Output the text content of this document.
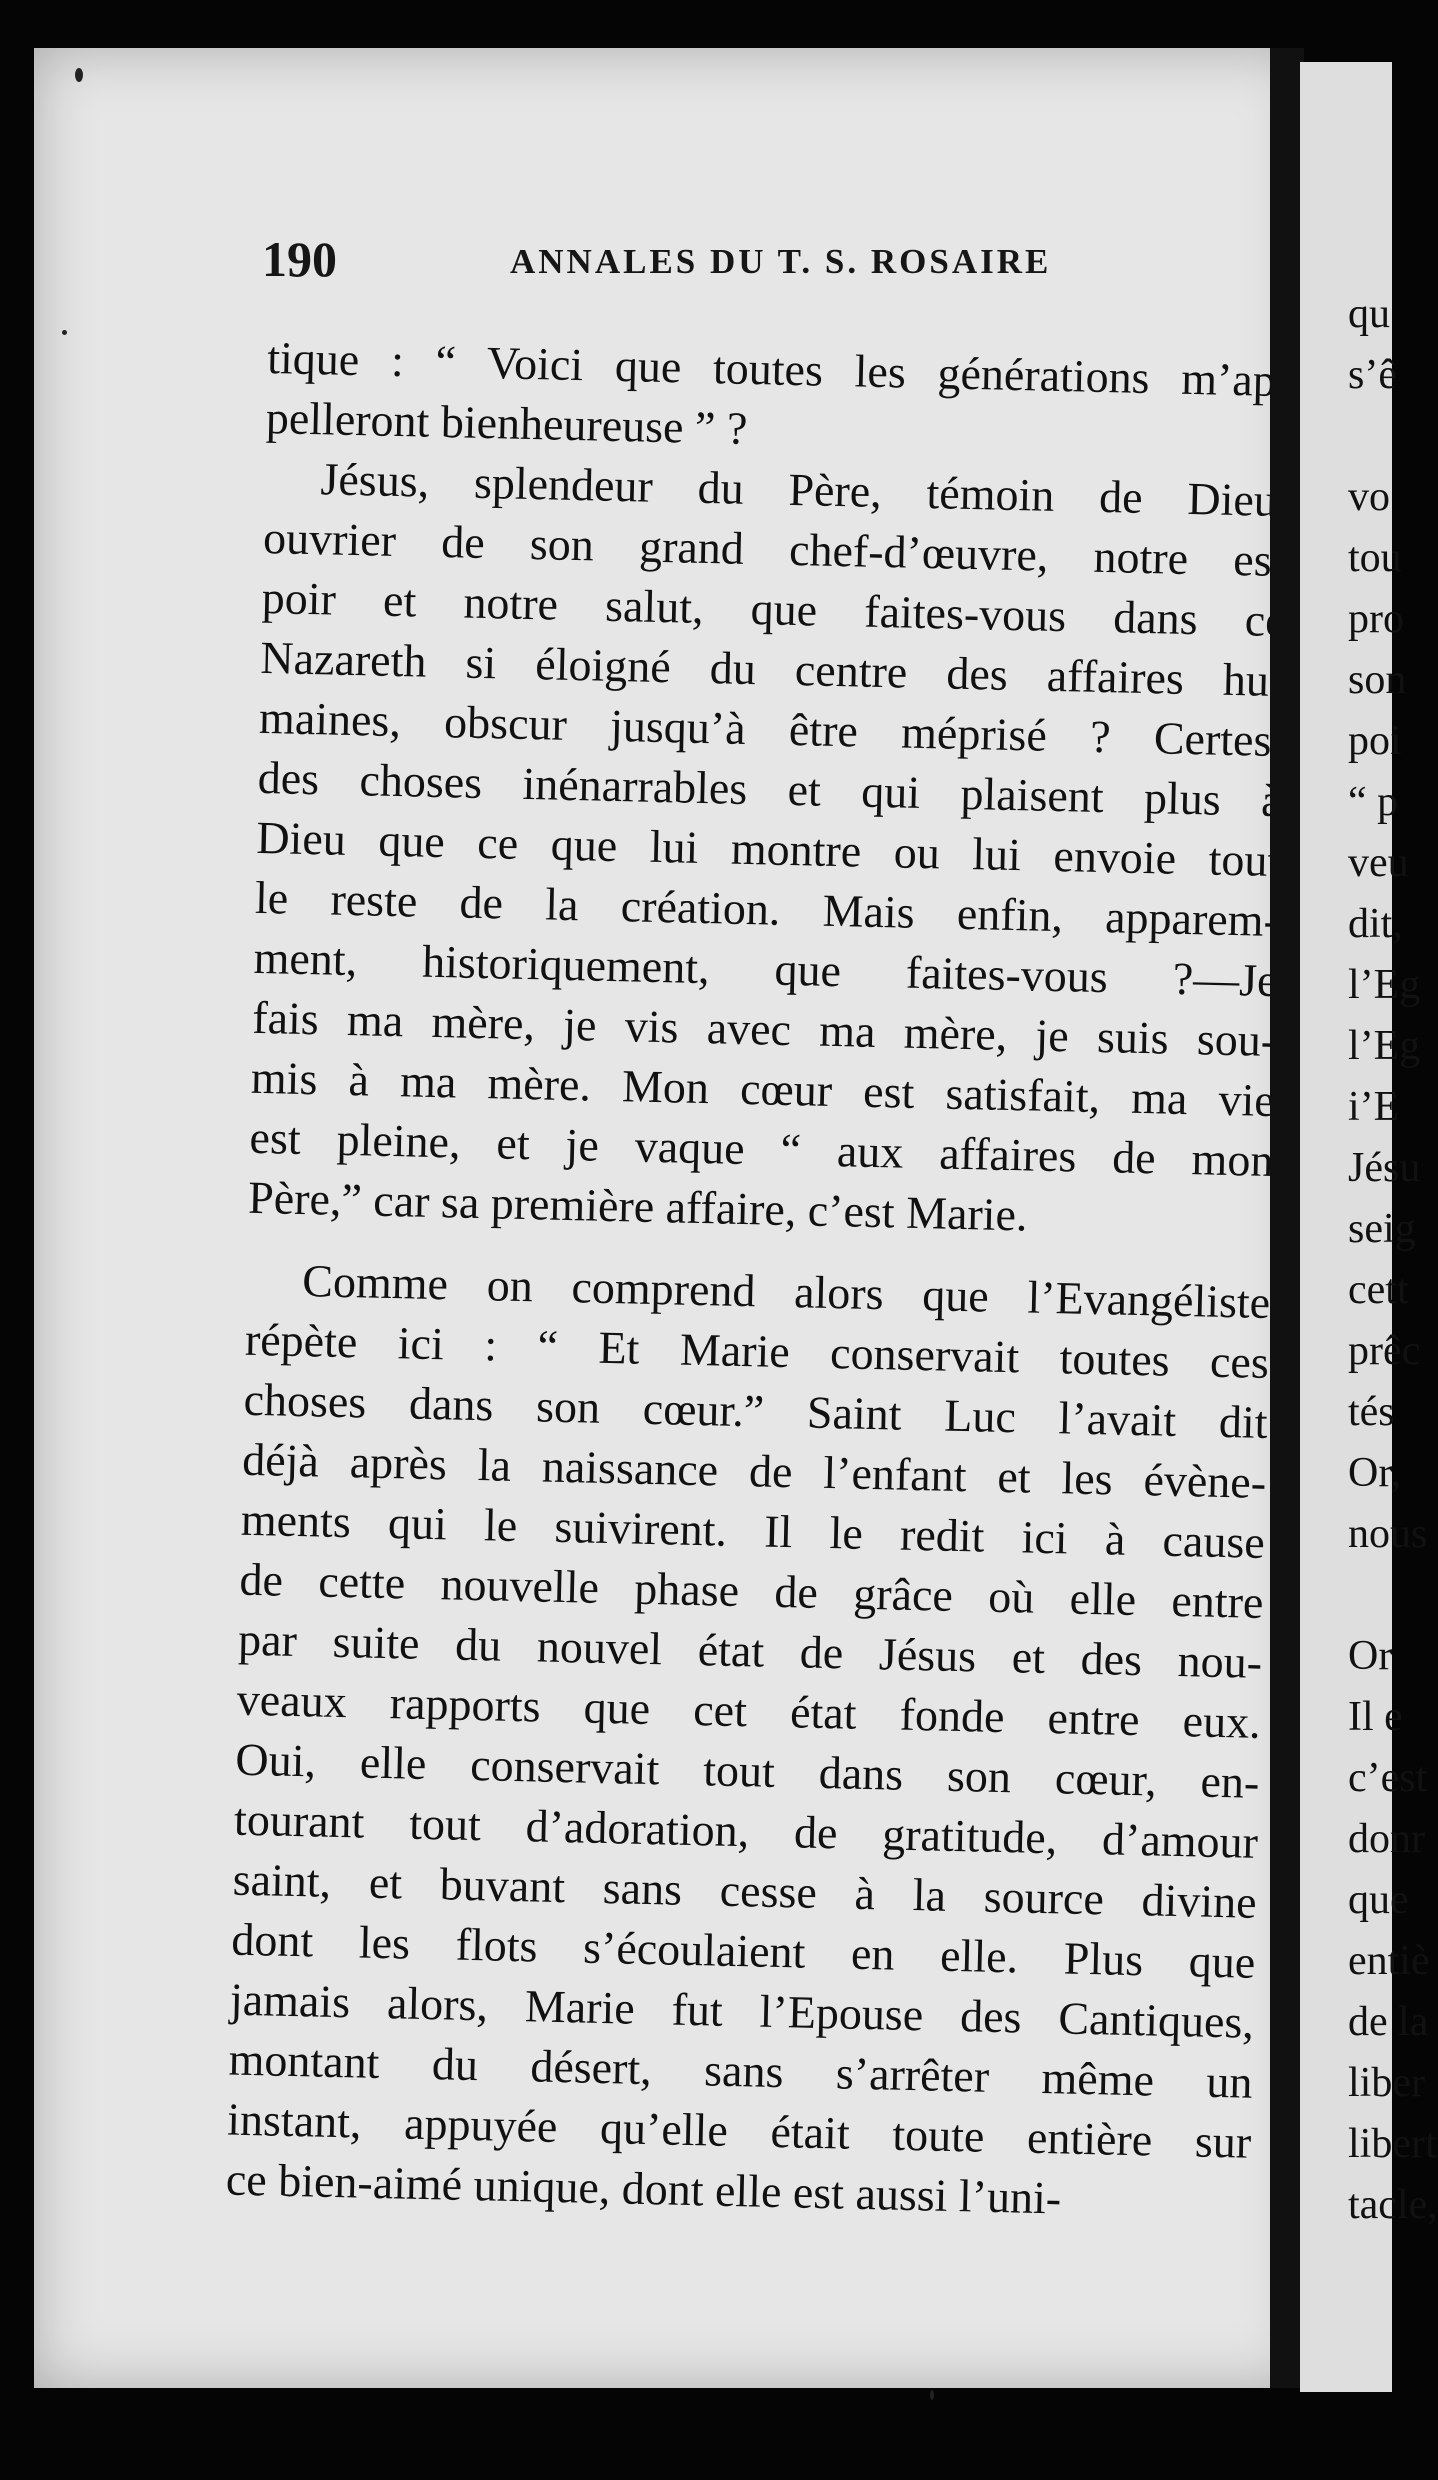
qu
s’ê
vo
tou
pro
son
poi
“ p
veu
dit,
l’Eg
l’Eg
i’E
Jésu
seig
cett
prêc
tés
Or,
nous
Or
Il e
c’est
donr
que
entiè
de la
liber
libert
tacle,
190	ANNALES DU T. S. ROSAIRE
tique : “ Voici que toutes les générations m’ap-
pelleront bienheureuse ” ?
Jésus, splendeur du Père, témoin de Dieu,
ouvrier de son grand chef-d’œuvre, notre es-
poir et notre salut, que faites-vous dans ce
Nazareth si éloigné du centre des affaires hu-
maines, obscur jusqu’à être méprisé ? Certes,
des choses inénarrables et qui plaisent plus à
Dieu que ce que lui montre ou lui envoie tout
le reste de la création. Mais enfin, apparem-
ment, historiquement, que faites-vous ?—Je
fais ma mère, je vis avec ma mère, je suis sou-
mis à ma mère. Mon cœur est satisfait, ma vie
est pleine, et je vaque “ aux affaires de mon
Père,” car sa première affaire, c’est Marie.
Comme on comprend alors que l’Evangéliste
répète ici : “ Et Marie conservait toutes ces
choses dans son cœur.” Saint Luc l’avait dit
déjà après la naissance de l’enfant et les évène-
ments qui le suivirent. Il le redit ici à cause
de cette nouvelle phase de grâce où elle entre
par suite du nouvel état de Jésus et des nou-
veaux rapports que cet état fonde entre eux.
Oui, elle conservait tout dans son cœur, en-
tourant tout d’adoration, de gratitude, d’amour
saint, et buvant sans cesse à la source divine
dont les flots s’écoulaient en elle. Plus que
jamais alors, Marie fut l’Epouse des Cantiques,
montant du désert, sans s’arrêter même un
instant, appuyée qu’elle était toute entière sur
ce bien-aimé unique, dont elle est aussi l’uni-
